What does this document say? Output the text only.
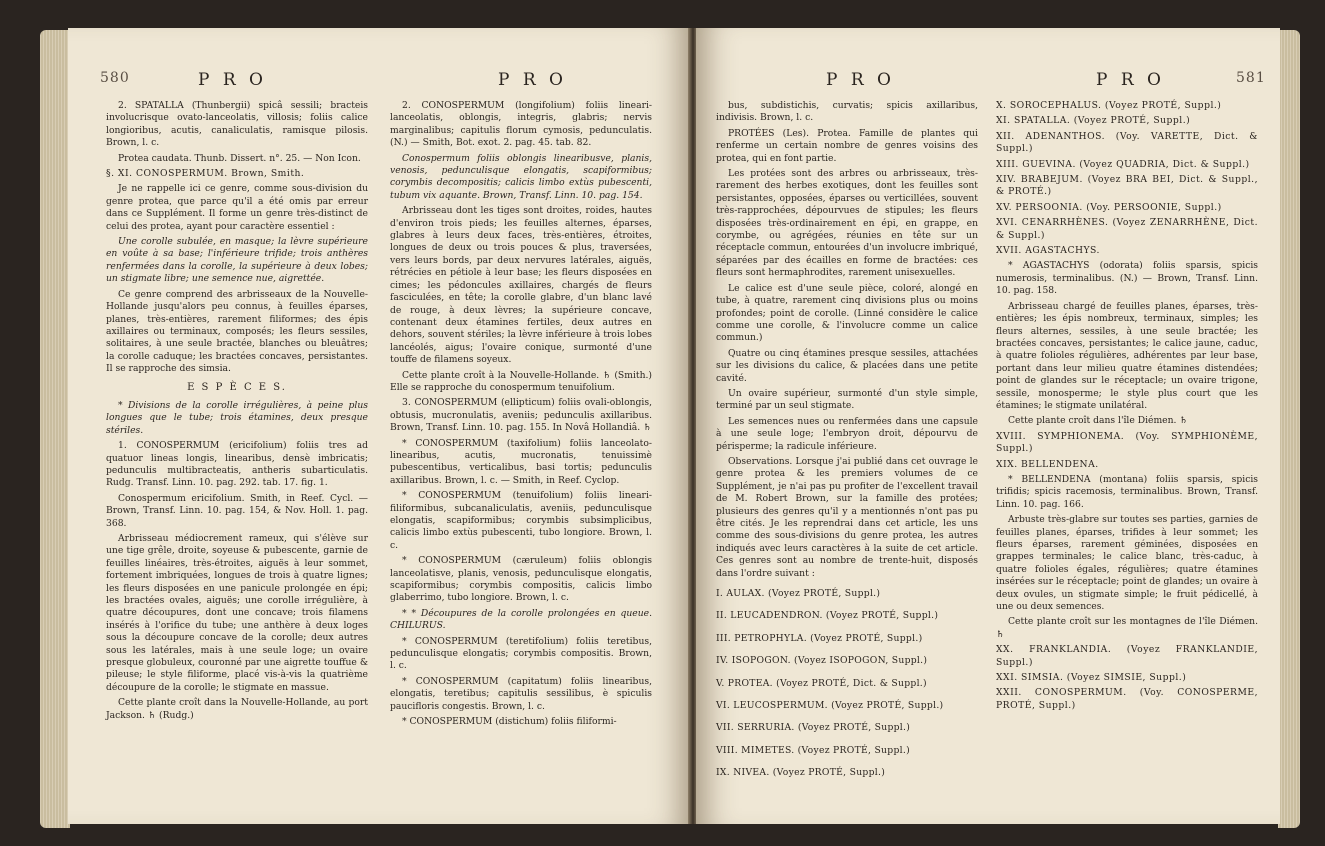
580	P R O	P R O

2. SPATALLA (Thunbergii) spicâ sessili; bracteis involucrisque ovato-lanceolatis, villosis; foliis calice longioribus, acutis, canaliculatis, ramisque pilosis. Brown, l. c.

Protea caudata. Thunb. Dissert. n°. 25. — Non Icon.

§. XI. CONOSPERMUM. Brown, Smith.

Je ne rappelle ici ce genre, comme sous-division du genre protea, que parce qu'il a été omis par erreur dans ce Supplément. Il forme un genre très-distinct de celui des protea, ayant pour caractère essentiel :

Une corolle subulée, en masque; la lèvre supérieure en voûte à sa base; l'inférieure trifide; trois anthères renfermées dans la corolle, la supérieure à deux lobes; un stigmate libre; une semence nue, aigrettée.

Ce genre comprend des arbrisseaux de la Nouvelle-Hollande jusqu'alors peu connus, à feuilles éparses, planes, très-entières, rarement filiformes; des épis axillaires ou terminaux, composés; les fleurs sessiles, solitaires, à une seule bractée, blanches ou bleuâtres; la corolle caduque; les bractées concaves, persistantes. Il se rapproche des simsia.

E S P È C E S.

* Divisions de la corolle irrégulières, à peine plus longues que le tube; trois étamines, deux presque stériles.

1. CONOSPERMUM (ericifolium) foliis tres ad quatuor lineas longis, linearibus, densè imbricatis; pedunculis multibracteatis, antheris subarticulatis. Rudg. Transf. Linn. 10. pag. 292. tab. 17. fig. 1.

Conospermum ericifolium. Smith, in Reef. Cycl. — Brown, Transf. Linn. 10. pag. 154, & Nov. Holl. 1. pag. 368.

Arbrisseau médiocrement rameux, qui s'élève sur une tige grêle, droite, soyeuse & pubescente, garnie de feuilles linéaires, très-étroites, aiguës à leur sommet, fortement imbriquées, longues de trois à quatre lignes; les fleurs disposées en une panicule prolongée en épi; les bractées ovales, aiguës; une corolle irrégulière, à quatre découpures, dont une concave; trois filamens insérés à l'orifice du tube; une anthère à deux loges sous la découpure concave de la corolle; deux autres sous les latérales, mais à une seule loge; un ovaire presque globuleux, couronné par une aigrette touffue & pileuse; le style filiforme, placé vis-à-vis la quatrième découpure de la corolle; le stigmate en massue.

Cette plante croît dans la Nouvelle-Hollande, au port Jackson. ♄ (Rudg.)

2. CONOSPERMUM (longifolium) foliis lineari-lanceolatis, oblongis, integris, glabris; nervis marginalibus; capitulis florum cymosis, pedunculatis. (N.) — Smith, Bot. exot. 2. pag. 45. tab. 82.

Conospermum foliis oblongis linearibusve, planis, venosis, pedunculisque elongatis, scapiformibus; corymbis decompositis; calicis limbo extùs pubescenti, tubum vix aquante. Brown, Transf. Linn. 10. pag. 154.

Arbrisseau dont les tiges sont droites, roides, hautes d'environ trois pieds; les feuilles alternes, éparses, glabres à leurs deux faces, très-entières, étroites, longues de deux ou trois pouces & plus, traversées, vers leurs bords, par deux nervures latérales, aiguës, rétrécies en pétiole à leur base; les fleurs disposées en cimes; les pédoncules axillaires, chargés de fleurs fasciculées, en tête; la corolle glabre, d'un blanc lavé de rouge, à deux lèvres; la supérieure concave, contenant deux étamines fertiles, deux autres en dehors, souvent stériles; la lèvre inférieure à trois lobes lancéolés, aigus; l'ovaire conique, surmonté d'une touffe de filamens soyeux.

Cette plante croît à la Nouvelle-Hollande. ♄ (Smith.) Elle se rapproche du conospermum tenuifolium.

3. CONOSPERMUM (ellipticum) foliis ovali-oblongis, obtusis, mucronulatis, aveniis; pedunculis axillaribus. Brown, Transf. Linn. 10. pag. 155. In Novâ Hollandiâ. ♄

* CONOSPERMUM (taxifolium) foliis lanceolato-linearibus, acutis, mucronatis, tenuissimè pubescentibus, verticalibus, basi tortis; pedunculis axillaribus. Brown, l. c. — Smith, in Reef. Cyclop.

* CONOSPERMUM (tenuifolium) foliis lineari-filiformibus, subcanaliculatis, aveniis, pedunculisque elongatis, scapiformibus; corymbis subsimplicibus, calicis limbo extùs pubescenti, tubo longiore. Brown, l. c.

* CONOSPERMUM (cæruleum) foliis oblongis lanceolatisve, planis, venosis, pedunculisque elongatis, scapiformibus; corymbis compositis, calicis limbo glaberrimo, tubo longiore. Brown, l. c.

* * Découpures de la corolle prolongées en queue. CHILURUS.

* CONOSPERMUM (teretifolium) foliis teretibus, pedunculisque elongatis; corymbis compositis. Brown, l. c.

* CONOSPERMUM (capitatum) foliis linearibus, elongatis, teretibus; capitulis sessilibus, è spiculis paucifloris congestis. Brown, l. c.

* CONOSPERMUM (distichum) foliis filiformi-

P R O	P R O	581

bus, subdistichis, curvatis; spicis axillaribus, indivisis. Brown, l. c.

PROTÉES (Les). Protea. Famille de plantes qui renferme un certain nombre de genres voisins des protea, qui en font partie.

Les protées sont des arbres ou arbrisseaux, très-rarement des herbes exotiques, dont les feuilles sont persistantes, opposées, éparses ou verticillées, souvent très-rapprochées, dépourvues de stipules; les fleurs disposées très-ordinairement en épi, en grappe, en corymbe, ou agrégées, réunies en tête sur un réceptacle commun, entourées d'un involucre imbriqué, séparées par des écailles en forme de bractées: ces fleurs sont hermaphrodites, rarement unisexuelles.

Le calice est d'une seule pièce, coloré, alongé en tube, à quatre, rarement cinq divisions plus ou moins profondes; point de corolle. (Linné considère le calice comme une corolle, & l'involucre comme un calice commun.)

Quatre ou cinq étamines presque sessiles, attachées sur les divisions du calice, & placées dans une petite cavité.

Un ovaire supérieur, surmonté d'un style simple, terminé par un seul stigmate.

Les semences nues ou renfermées dans une capsule à une seule loge; l'embryon droit, dépourvu de périsperme; la radicule inférieure.

Observations. Lorsque j'ai publié dans cet ouvrage le genre protea & les premiers volumes de ce Supplément, je n'ai pas pu profiter de l'excellent travail de M. Robert Brown, sur la famille des protées; plusieurs des genres qu'il y a mentionnés n'ont pas pu être cités. Je les reprendrai dans cet article, les uns comme des sous-divisions du genre protea, les autres indiqués avec leurs caractères à la suite de cet article. Ces genres sont au nombre de trente-huit, disposés dans l'ordre suivant :

I. AULAX. (Voyez PROTÉ, Suppl.)

II. LEUCADENDRON. (Voyez PROTÉ, Suppl.)

III. PETROPHYLA. (Voyez PROTÉ, Suppl.)

IV. ISOPOGON. (Voyez ISOPOGON, Suppl.)

V. PROTEA. (Voyez PROTÉ, Dict. & Suppl.)

VI. LEUCOSPERMUM. (Voyez PROTÉ, Suppl.)

VII. SERRURIA. (Voyez PROTÉ, Suppl.)

VIII. MIMETES. (Voyez PROTÉ, Suppl.)

IX. NIVEA. (Voyez PROTÉ, Suppl.)

X. SOROCEPHALUS. (Voyez PROTÉ, Suppl.)

XI. SPATALLA. (Voyez PROTÉ, Suppl.)

XII. ADENANTHOS. (Voy. VARETTE, Dict. & Suppl.)

XIII. GUEVINA. (Voyez QUADRIA, Dict. & Suppl.)

XIV. BRABEJUM. (Voyez BRA BEI, Dict. & Suppl., & PROTÉ.)

XV. PERSOONIA. (Voy. PERSOONIE, Suppl.)

XVI. CENARRHÈNES. (Voyez ZENARRHÈNE, Dict. & Suppl.)

XVII. AGASTACHYS.

* AGASTACHYS (odorata) foliis sparsis, spicis numerosis, terminalibus. (N.) — Brown, Transf. Linn. 10. pag. 158.

Arbrisseau chargé de feuilles planes, éparses, très-entières; les épis nombreux, terminaux, simples; les fleurs alternes, sessiles, à une seule bractée; les bractées concaves, persistantes; le calice jaune, caduc, à quatre folioles régulières, adhérentes par leur base, portant dans leur milieu quatre étamines distendées; point de glandes sur le réceptacle; un ovaire trigone, sessile, monosperme; le style plus court que les étamines; le stigmate unilatéral.

Cette plante croît dans l'île Diémen. ♄

XVIII. SYMPHIONEMA. (Voy. SYMPHIONÈME, Suppl.)

XIX. BELLENDENA.

* BELLENDENA (montana) foliis sparsis, spicis trifidis; spicis racemosis, terminalibus. Brown, Transf. Linn. 10. pag. 166.

Arbuste très-glabre sur toutes ses parties, garnies de feuilles planes, éparses, trifides à leur sommet; les fleurs éparses, rarement géminées, disposées en grappes terminales; le calice blanc, très-caduc, à quatre folioles égales, régulières; quatre étamines insérées sur le réceptacle; point de glandes; un ovaire à deux ovules, un stigmate simple; le fruit pédicellé, à une ou deux semences.

Cette plante croît sur les montagnes de l'île Diémen. ♄

XX. FRANKLANDIA. (Voyez FRANKLANDIE, Suppl.)

XXI. SIMSIA. (Voyez SIMSIE, Suppl.)

XXII. CONOSPERMUM. (Voy. CONOSPERME, PROTÉ, Suppl.)
